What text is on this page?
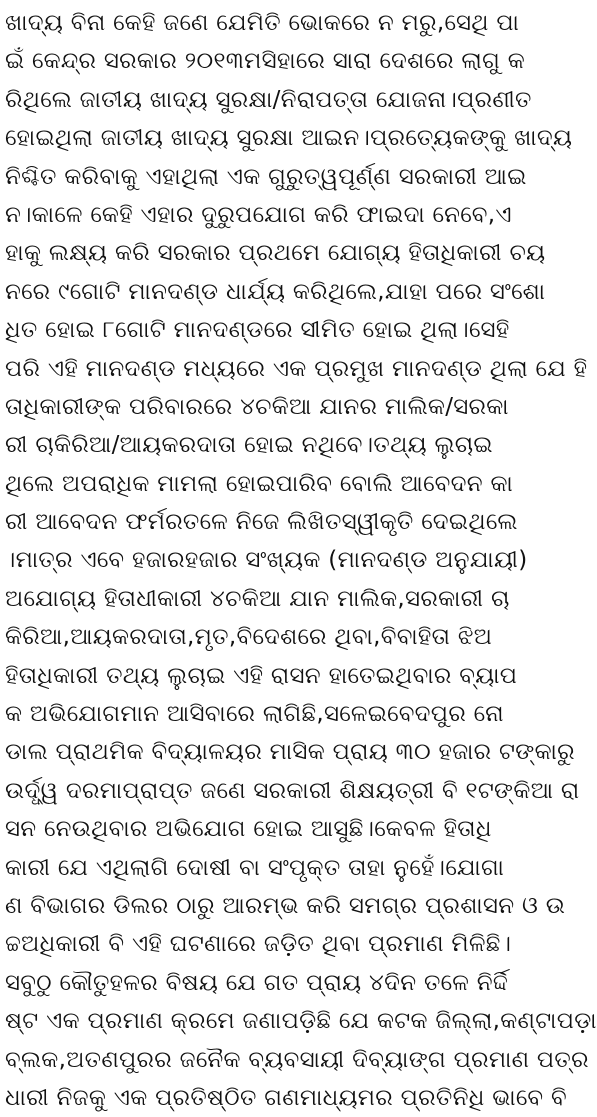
ଖାଦ୍ୟ ବିନା କେହି ଜଣେ ଯେମିତି ଭୋକରେ ନ ମରୁ,ସେଥି ପା
ଇଁ କେନ୍ଦ୍ର ସରକାର ୨୦୧୩ମସିହାରେ ସାରା ଦେଶରେ ଲାଗୁ କ
ରିଥିଲେ ଜାତୀୟ ଖାଦ୍ୟ ସୁରକ୍ଷା/ନିରାପତ୍ତା ଯୋଜନା।ପ୍ରଣୀତ
ହୋଇଥିଲା ଜାତୀୟ ଖାଦ୍ୟ ସୁରକ୍ଷା ଆଇନ।ପ୍ରତ୍ୟେକଙ୍କୁ ଖାଦ୍ୟ
ନିଶ୍ଚିତ କରିବାକୁ ଏହାଥିଲା ଏକ ଗୁରୁତ୍ୱପୂର୍ଣ୍ଣ ସରକାରୀ ଆଇ
ନ।କାଳେ କେହି ଏହାର ଦୁରୁପଯୋଗ କରି ଫାଇଦା ନେବେ,ଏ
ହାକୁ ଲକ୍ଷ୍ୟ କରି ସରକାର ପ୍ରଥମେ ଯୋଗ୍ୟ ହିତାଧିକାରୀ ଚୟ
ନରେ ୯ଗୋଟି ମାନଦଣ୍ଡ ଧାର୍ଯ୍ୟ କରିଥିଲେ,ଯାହା ପରେ ସଂଶୋ
ଧିତ ହୋଇ ୮ଗୋଟି ମାନଦଣ୍ଡରେ ସୀମିତ ହୋଇ ଥିଲା।ସେହି
ପରି ଏହି ମାନଦଣ୍ଡ ମଧ୍ୟରେ ଏକ ପ୍ରମୁଖ ମାନଦଣ୍ଡ ଥିଲା ଯେ ହି
ତାଧିକାରୀଙ୍କ ପରିବାରରେ ୪ଚକିଆ ଯାନର ମାଲିକ/ସରକା
ରୀ ଚାକିରିଆ/ଆୟକରଦାତା ହୋଇ ନଥିବେ।ତଥ୍ୟ ଲୁଚାଇ
ଥିଲେ ଅପରାଧିକ ମାମଲା ହୋଇପାରିବ ବୋଲି ଆବେଦନ କା
ରୀ ଆବେଦନ ଫର୍ମରତଳେ ନିଜେ ଲିଖିତସ୍ୱୀକୃତି ଦେଇଥିଲେ
।ମାତ୍ର ଏବେ ହଜାରହଜାର ସଂଖ୍ୟକ (ମାନଦଣ୍ଡ ଅନୁଯାୟୀ)
ଅଯୋଗ୍ୟ ହିତାଧୀକାରୀ ୪ଚକିଆ ଯାନ ମାଲିକ,ସରକାରୀ ଚା
କିରିଆ,ଆୟକରଦାତା,ମୃତ,ବିଦେଶରେ ଥିବା,ବିବାହିତା ଝିଅ
ହିତାଧିକାରୀ ତଥ୍ୟ ଲୁଚାଇ ଏହି ରାସନ ହାତେଇଥିବାର ବ୍ୟାପ
କ ଅଭିଯୋଗମାନ ଆସିବାରେ ଲାଗିଛି,ସଳେଇବେଦପୁର ନୋ
ଡାଲ ପ୍ରାଥମିକ ବିଦ୍ୟାଳୟର ମାସିକ ପ୍ରାୟ ୩୦ ହଜାର ଟଙ୍କାରୁ
ଉର୍ଦ୍ଧ୍ୱ ଦରମାପ୍ରାପ୍ତ ଜଣେ ସରକାରୀ ଶିକ୍ଷୟତ୍ରୀ ବି ୧ଟଙ୍କିଆ ରା
ସନ ନେଉଥିବାର ଅଭିଯୋଗ ହୋଇ ଆସୁଛି।କେବଳ ହିତାଧି
କାରୀ ଯେ ଏଥିଲାଗି ଦୋଷୀ ବା ସଂପୃକ୍ତ ତାହା ନୁହେଁ।ଯୋଗା
ଣ ବିଭାଗର ଡିଲର ଠାରୁ ଆରମ୍ଭ କରି ସମଗ୍ର ପ୍ରଶାସନ ଓ ଉ
ଚ୍ଚଅଧିକାରୀ ବି ଏହି ଘଟଣାରେ ଜଡ଼ିତ ଥିବା ପ୍ରମାଣ ମିଳିଛି।
ସବୁଠୁ କୌତୁହଳର ବିଷୟ ଯେ ଗତ ପ୍ରାୟ ୪ଦିନ ତଳେ ନିର୍ଦ୍ଦି
ଷ୍ଟ ଏକ ପ୍ରମାଣ କ୍ରମେ ଜଣାପଡ଼ିଛି ଯେ କଟକ ଜିଲ୍ଲା,କଣ୍ଟାପଡ଼ା
ବ୍ଲକ,ଅତଣପୁରର ଜନୈକ ବ୍ୟବସାୟୀ ଦିବ୍ୟାଙ୍ଗ ପ୍ରମାଣ ପତ୍ର
ଧାରୀ ନିଜକୁ ଏକ ପ୍ରତିଷ୍ଠିତ ଗଣମାଧ୍ୟମର ପ୍ରତିନିଧି ଭାବେ ବି
